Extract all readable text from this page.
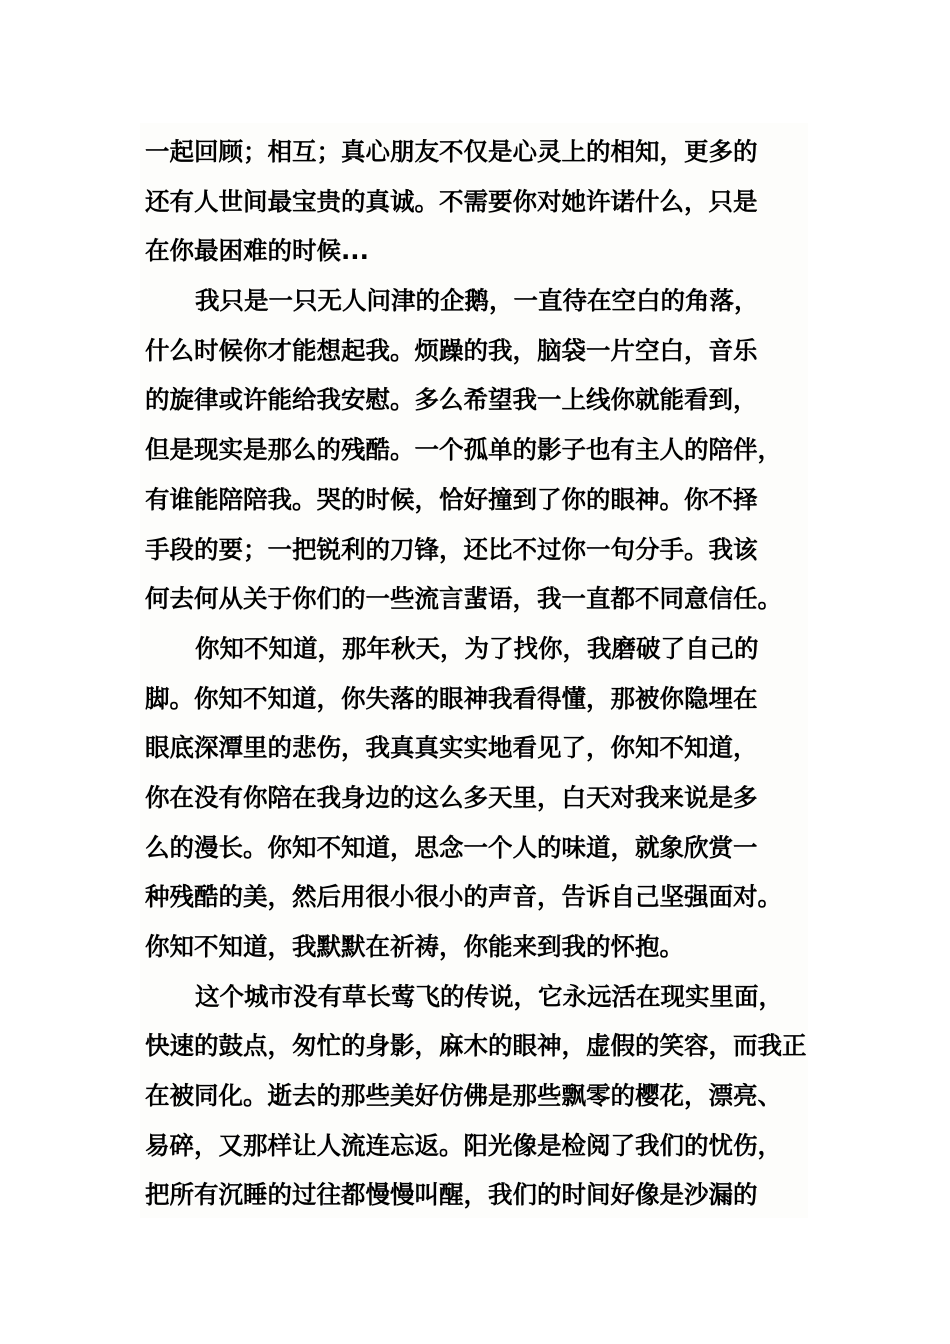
一起回顾；相互；真心朋友不仅是心灵上的相知，更多的
还有人世间最宝贵的真诚。不需要你对她许诺什么，只是
在你最困难的时候...
我只是一只无人问津的企鹅，一直待在空白的角落，
什么时候你才能想起我。烦躁的我，脑袋一片空白，音乐
的旋律或许能给我安慰。多么希望我一上线你就能看到，
但是现实是那么的残酷。一个孤单的影子也有主人的陪伴，
有谁能陪陪我。哭的时候，恰好撞到了你的眼神。你不择
手段的要；一把锐利的刀锋，还比不过你一句分手。我该
何去何从关于你们的一些流言蜚语，我一直都不同意信任。
你知不知道，那年秋天，为了找你，我磨破了自己的
脚。你知不知道，你失落的眼神我看得懂，那被你隐埋在
眼底深潭里的悲伤，我真真实实地看见了，你知不知道，
你在没有你陪在我身边的这么多天里，白天对我来说是多
么的漫长。你知不知道，思念一个人的味道，就象欣赏一
种残酷的美，然后用很小很小的声音，告诉自己坚强面对。
你知不知道，我默默在祈祷，你能来到我的怀抱。
这个城市没有草长莺飞的传说，它永远活在现实里面，
快速的鼓点，匆忙的身影，麻木的眼神，虚假的笑容，而我正
在被同化。逝去的那些美好仿佛是那些飘零的樱花，漂亮、
易碎，又那样让人流连忘返。阳光像是检阅了我们的忧伤，
把所有沉睡的过往都慢慢叫醒，我们的时间好像是沙漏的
